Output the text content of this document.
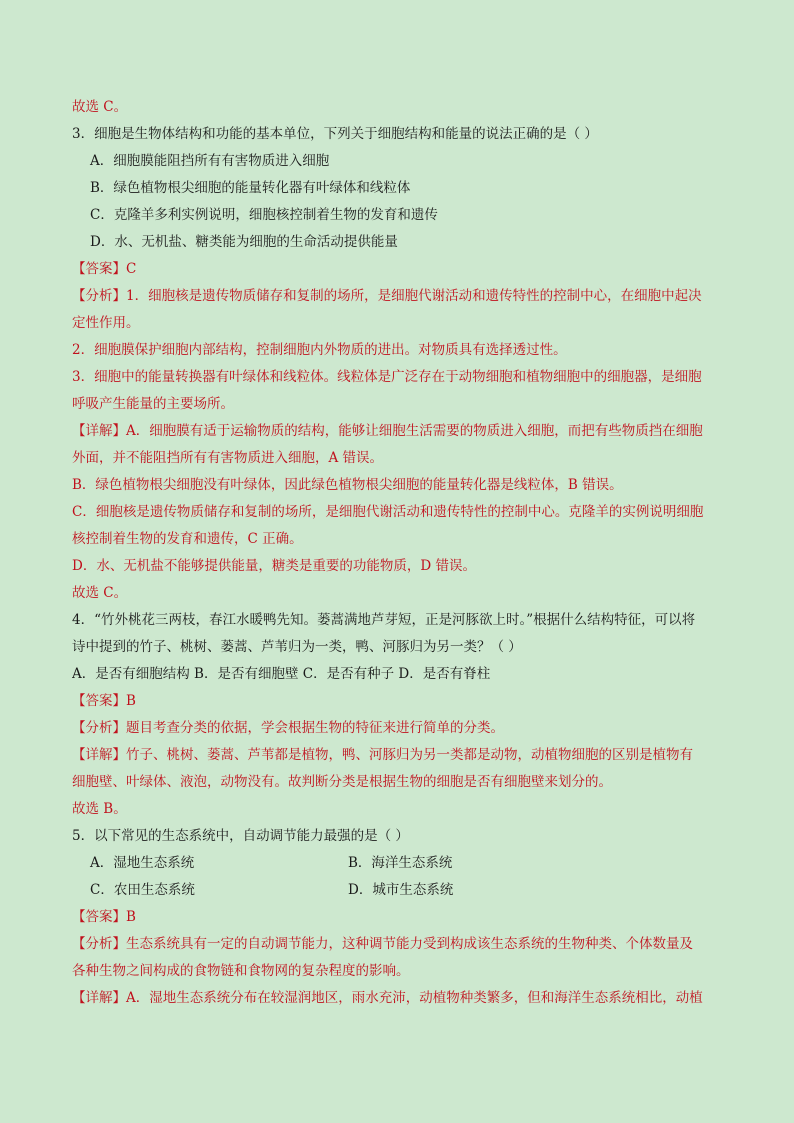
故选 C。
3．细胞是生物体结构和功能的基本单位，下列关于细胞结构和能量的说法正确的是（ ）
A．细胞膜能阻挡所有有害物质进入细胞
B．绿色植物根尖细胞的能量转化器有叶绿体和线粒体
C．克隆羊多利实例说明，细胞核控制着生物的发育和遗传
D．水、无机盐、糖类能为细胞的生命活动提供能量
【答案】C
【分析】1．细胞核是遗传物质储存和复制的场所，是细胞代谢活动和遗传特性的控制中心，在细胞中起决
定性作用。
2．细胞膜保护细胞内部结构，控制细胞内外物质的进出。对物质具有选择透过性。
3．细胞中的能量转换器有叶绿体和线粒体。线粒体是广泛存在于动物细胞和植物细胞中的细胞器，是细胞
呼吸产生能量的主要场所。
【详解】A．细胞膜有适于运输物质的结构，能够让细胞生活需要的物质进入细胞，而把有些物质挡在细胞
外面，并不能阻挡所有有害物质进入细胞，A 错误。
B．绿色植物根尖细胞没有叶绿体，因此绿色植物根尖细胞的能量转化器是线粒体，B 错误。
C．细胞核是遗传物质储存和复制的场所，是细胞代谢活动和遗传特性的控制中心。克隆羊的实例说明细胞
核控制着生物的发育和遗传，C 正确。
D．水、无机盐不能够提供能量，糖类是重要的功能物质，D 错误。
故选 C。
4．“竹外桃花三两枝，春江水暖鸭先知。蒌蒿满地芦芽短，正是河豚欲上时。”根据什么结构特征，可以将
诗中提到的竹子、桃树、蒌蒿、芦苇归为一类，鸭、河豚归为另一类？（ ）
A．是否有细胞结构 B．是否有细胞壁 C．是否有种子 D．是否有脊柱
【答案】B
【分析】题目考查分类的依据，学会根据生物的特征来进行简单的分类。
【详解】竹子、桃树、蒌蒿、芦苇都是植物，鸭、河豚归为另一类都是动物，动植物细胞的区别是植物有
细胞壁、叶绿体、液泡，动物没有。故判断分类是根据生物的细胞是否有细胞壁来划分的。
故选 B。
5．以下常见的生态系统中，自动调节能力最强的是（ ）
A．湿地生态系统	B．海洋生态系统
C．农田生态系统	D．城市生态系统
【答案】B
【分析】生态系统具有一定的自动调节能力，这种调节能力受到构成该生态系统的生物种类、个体数量及
各种生物之间构成的食物链和食物网的复杂程度的影响。
【详解】A．湿地生态系统分布在较湿润地区，雨水充沛，动植物种类繁多，但和海洋生态系统相比，动植
